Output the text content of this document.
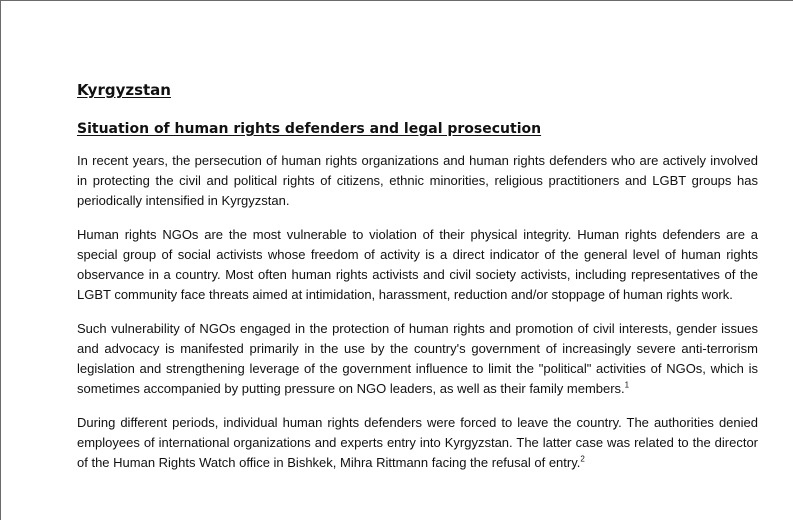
Kyrgyzstan
Situation of human rights defenders and legal prosecution

In recent years, the persecution of human rights organizations and human rights defenders who are actively involved in protecting the civil and political rights of citizens, ethnic minorities, religious practitioners and LGBT groups has periodically intensified in Kyrgyzstan.

Human rights NGOs are the most vulnerable to violation of their physical integrity. Human rights defenders are a special group of social activists whose freedom of activity is a direct indicator of the general level of human rights observance in a country. Most often human rights activists and civil society activists, including representatives of the LGBT community face threats aimed at intimidation, harassment, reduction and/or stoppage of human rights work.

Such vulnerability of NGOs engaged in the protection of human rights and promotion of civil interests, gender issues and advocacy is manifested primarily in the use by the country's government of increasingly severe anti-terrorism legislation and strengthening leverage of the government influence to limit the "political" activities of NGOs, which is sometimes accompanied by putting pressure on NGO leaders, as well as their family members.$^1$

During different periods, individual human rights defenders were forced to leave the country. The authorities denied employees of international organizations and experts entry into Kyrgyzstan. The latter case was related to the director of the Human Rights Watch office in Bishkek, Mihra Rittmann facing the refusal of entry.$^2$
